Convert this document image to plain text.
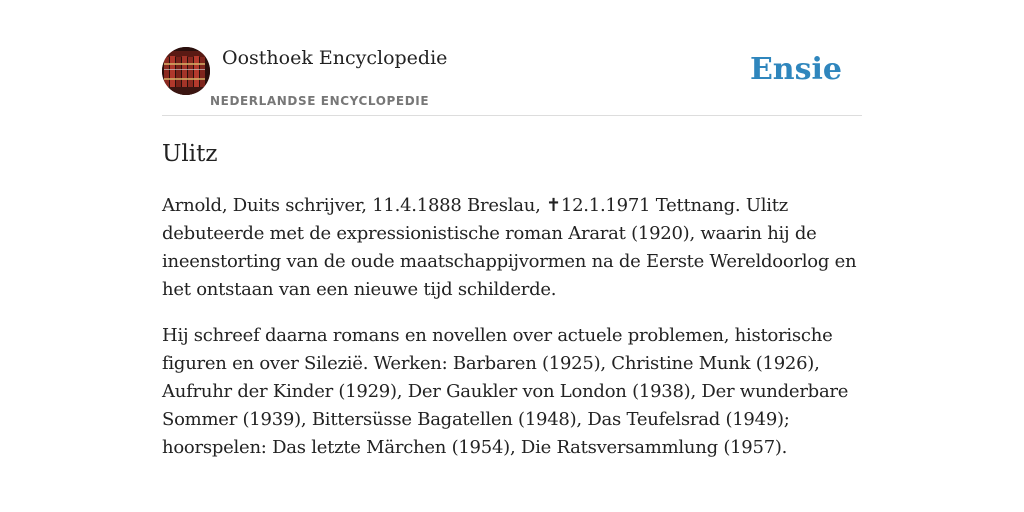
Oosthoek Encyclopedie
NEDERLANDSE ENCYCLOPEDIE
Ensie
Ulitz

Arnold, Duits schrijver, 11.4.1888 Breslau, ✝12.1.1971 Tettnang. Ulitz debuteerde met de expressionistische roman Ararat (1920), waarin hij de ineenstorting van de oude maatschappijvormen na de Eerste Wereldoorlog en het ontstaan van een nieuwe tijd schilderde.

Hij schreef daarna romans en novellen over actuele problemen, historische figuren en over Silezië. Werken: Barbaren (1925), Christine Munk (1926), Aufruhr der Kinder (1929), Der Gaukler von London (1938), Der wunderbare Sommer (1939), Bittersüsse Bagatellen (1948), Das Teufelsrad (1949); hoorspelen: Das letzte Märchen (1954), Die Ratsversammlung (1957).
